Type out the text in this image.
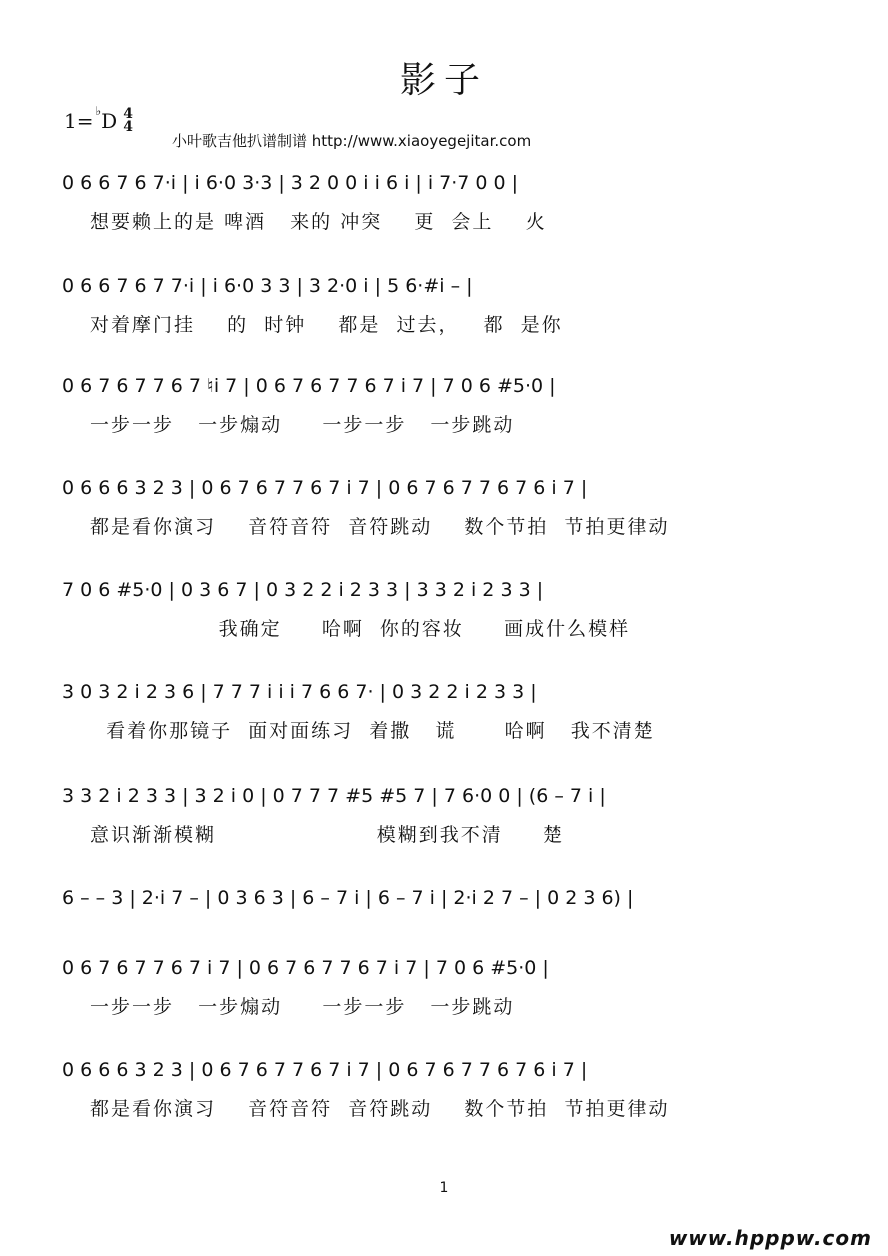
影子
1= ♭ D 4
4
小叶歌吉他扒谱制谱 http://www.xiaoyegejitar.com
0 6 6 7 6 7·i | i 6·0 3·3 | 3 2 0 0 i i 6 i | i 7·7 0 0 |
想要赖上的是 啤酒   来的 冲突    更  会上    火
0 6 6 7 6 7 7·i | i 6·0 3 3 | 3 2·0 i | 5 6·#i – |
对着摩门挂    的  时钟    都是  过去，   都  是你
0 6 7 6 7 7 6 7 ♮i 7 | 0 6 7 6 7 7 6 7 i 7 | 7 0 6 #5·0 |
一步一步   一步煽动     一步一步   一步跳动
0 6 6 6 3 2 3 | 0 6 7 6 7 7 6 7 i 7 | 0 6 7 6 7 7 6 7 6 i 7 |
都是看你演习    音符音符  音符跳动    数个节拍  节拍更律动
7 0 6 #5·0 | 0 3 6 7 | 0 3 2 2 i 2 3 3 | 3 3 2 i 2 3 3 |
我确定     哈啊  你的容妆     画成什么模样
3 0 3 2 i 2 3 6 | 7 7 7 i i i 7 6 6 7· | 0 3 2 2 i 2 3 3 |
看着你那镜子  面对面练习  着撒   谎      哈啊   我不清楚
3 3 2 i 2 3 3 | 3 2 i 0 | 0 7 7 7 #5 #5 7 | 7 6·0 0 | (6 – 7 i |
意识渐渐模糊                    模糊到我不清     楚
6 – – 3 | 2·i 7 – | 0 3 6 3 | 6 – 7 i | 6 – 7 i | 2·i 2 7 – | 0 2 3 6) |
0 6 7 6 7 7 6 7 i 7 | 0 6 7 6 7 7 6 7 i 7 | 7 0 6 #5·0 |
一步一步   一步煽动     一步一步   一步跳动
0 6 6 6 3 2 3 | 0 6 7 6 7 7 6 7 i 7 | 0 6 7 6 7 7 6 7 6 i 7 |
都是看你演习    音符音符  音符跳动    数个节拍  节拍更律动
1
www.hpppw.com
